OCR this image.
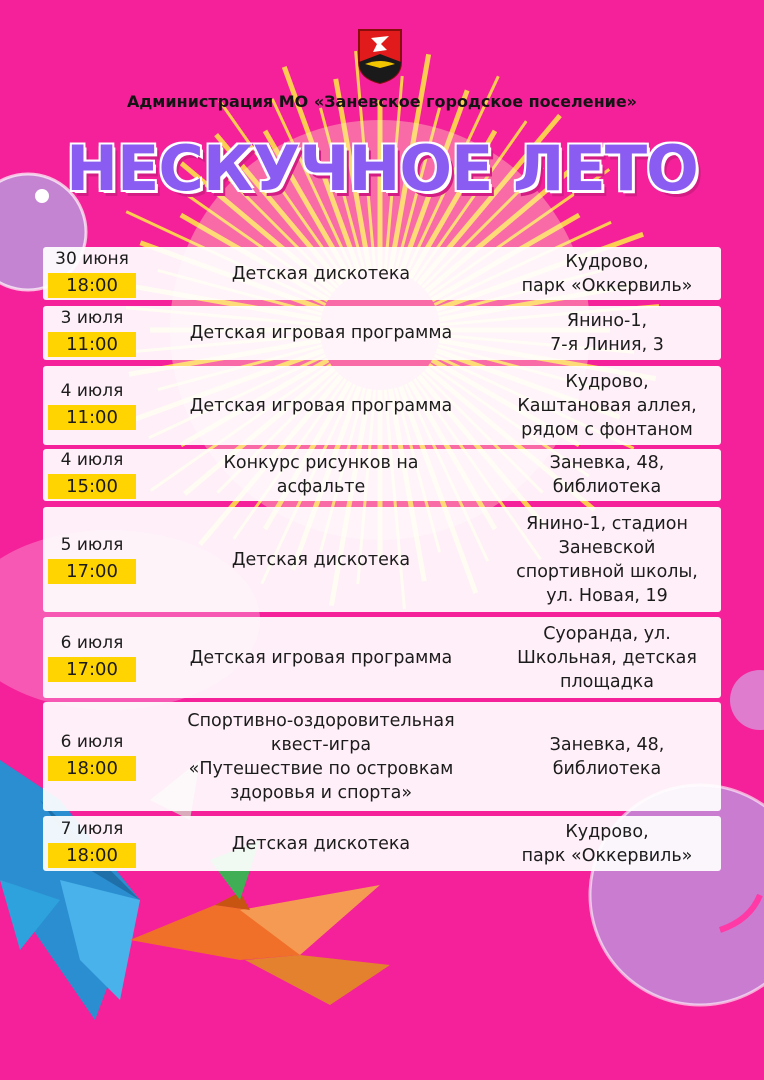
Администрация МО «Заневское городское поселение»
НЕСКУЧНОЕ ЛЕТО
30 июня
18:00
Детская дискотека
Кудрово,
парк «Оккервиль»
3 июля
11:00
Детская игровая программа
Янино-1,
7-я Линия, 3
4 июля
11:00
Детская игровая программа
Кудрово,
Каштановая аллея,
рядом с фонтаном
4 июля
15:00
Конкурс рисунков на
асфальте
Заневка, 48,
библиотека
5 июля
17:00
Детская дискотека
Янино-1, стадион
Заневской
спортивной школы,
ул. Новая, 19
6 июля
17:00
Детская игровая программа
Суоранда, ул.
Школьная, детская
площадка
6 июля
18:00
Спортивно-оздоровительная
квест-игра
«Путешествие по островкам
здоровья и спорта»
Заневка, 48,
библиотека
7 июля
18:00
Детская дискотека
Кудрово,
парк «Оккервиль»
